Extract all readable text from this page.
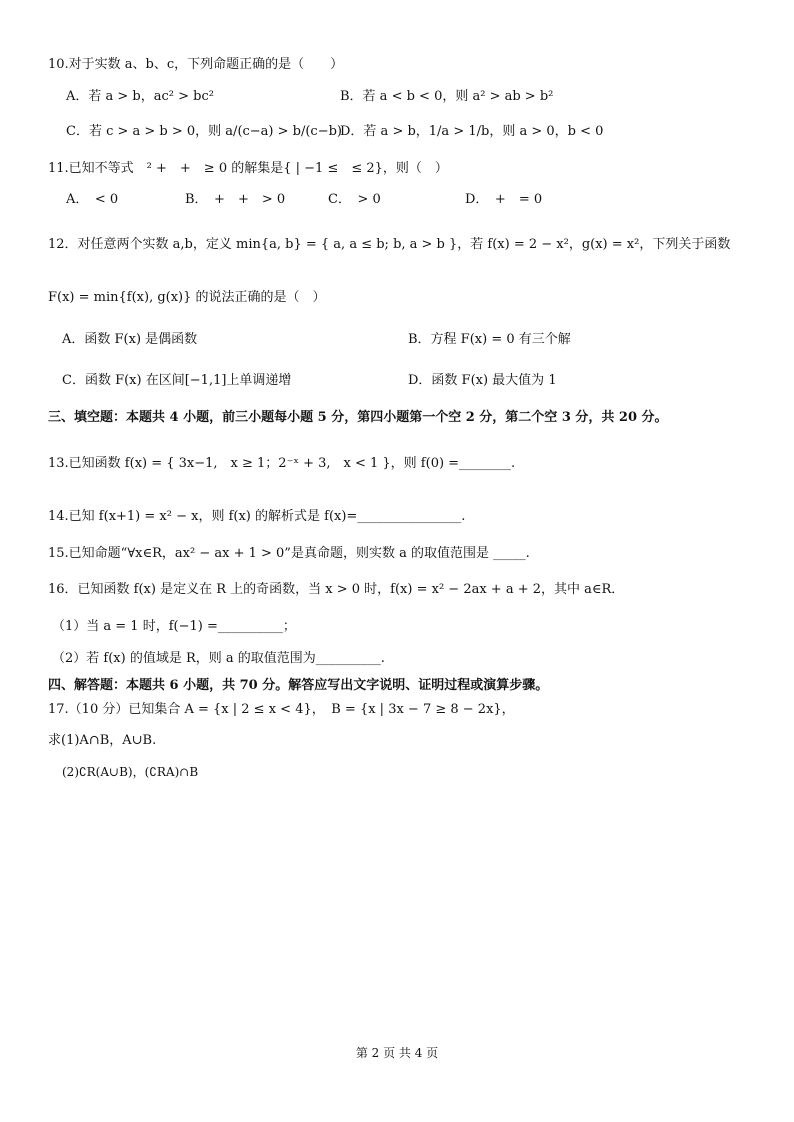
10.对于实数 a、b、c，下列命题正确的是（　　）
A．若 a > b，ac² > bc²	B．若 a < b < 0，则 a² > ab > b²
C．若 c > a > b > 0，则 a/(c−a) > b/(c−b)
D．若 a > b，1/a > 1/b，则 a > 0，b < 0
11.已知不等式　² +　+　≥ 0 的解集是{ | −1 ≤　≤ 2}，则（　）
A．　< 0	B．　+　+　> 0	C．　> 0	D．　+　= 0
12．对任意两个实数 a,b，定义 min{a, b} = { a, a ≤ b; b, a > b }，若 f(x) = 2 − x²，g(x) = x²，下列关于函数
F(x) = min{f(x), g(x)} 的说法正确的是（　）
A．函数 F(x) 是偶函数	B．方程 F(x) = 0 有三个解
C．函数 F(x) 在区间[−1,1]上单调递增	D．函数 F(x) 最大值为 1
三、填空题：本题共 4 小题，前三小题每小题 5 分，第四小题第一个空 2 分，第二个空 3 分，共 20 分。
13.已知函数 f(x) = { 3x−1,　x ≥ 1；2⁻ˣ + 3,　x < 1 }，则 f(0) =________.
14.已知 f(x+1) = x² − x，则 f(x) 的解析式是 f(x)=________________.
15.已知命题“∀x∈R，ax² − ax + 1 > 0”是真命题，则实数 a 的取值范围是 _____.
16．已知函数 f(x) 是定义在 R 上的奇函数，当 x > 0 时，f(x) = x² − 2ax + a + 2，其中 a∈R．
（1）当 a = 1 时，f(−1) =__________；
（2）若 f(x) 的值域是 R，则 a 的取值范围为__________.
四、解答题：本题共 6 小题，共 70 分。解答应写出文字说明、证明过程或演算步骤。
17.（10 分）已知集合 A = {x | 2 ≤ x < 4}，　B = {x | 3x − 7 ≥ 8 − 2x}，
求(1)A∩B，A∪B.
(2)∁R(A∪B)，(∁RA)∩B
第 2 页 共 4 页
